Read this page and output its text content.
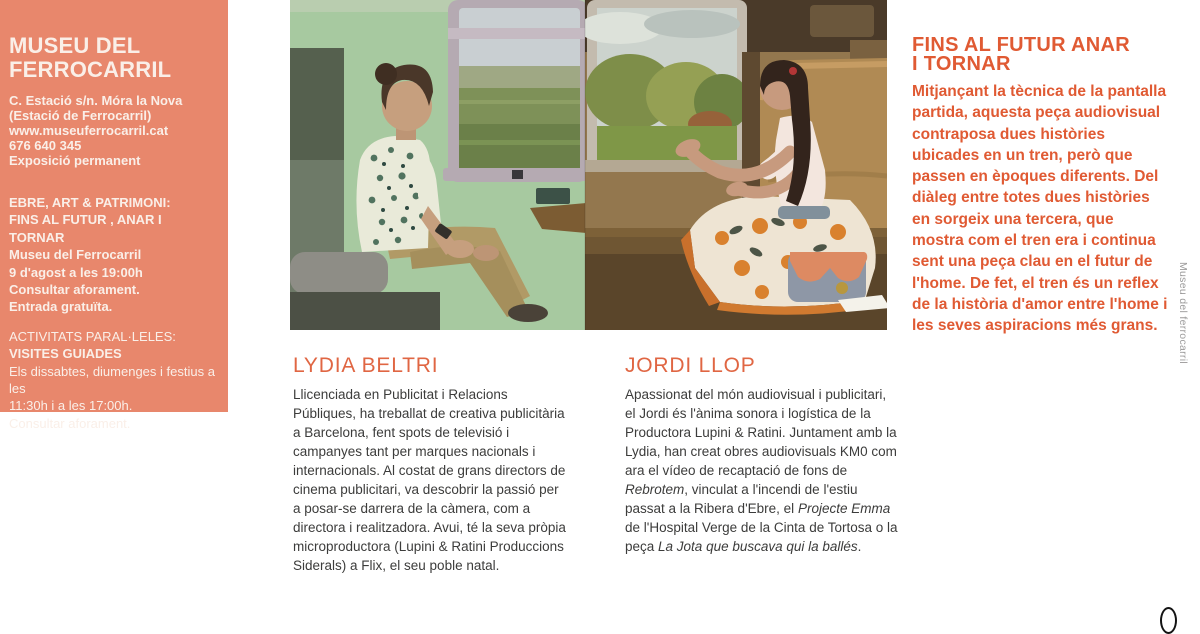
MUSEU DEL
FERROCARRIL
C. Estació s/n. Móra la Nova
(Estació de Ferrocarril)
www.museuferrocarril.cat
676 640 345
Exposició permanent
EBRE, ART & PATRIMONI:
FINS AL FUTUR , ANAR I TORNAR
Museu del Ferrocarril
9 d'agost a les 19:00h
Consultar aforament.
Entrada gratuïta.
ACTIVITATS PARAL·LELES:
VISITES GUIADES
Els dissabtes, diumenges i festius a les
11:30h i a les 17:00h.
Consultar aforament.
LYDIA BELTRI

Llicenciada en Publicitat i Relacions Públiques, ha treballat de creativa publicitària a Barcelona, fent spots de televisió i campanyes tant per marques nacionals i internacionals. Al costat de grans directors de cinema publicitari, va descobrir la passió per a posar-se darrera de la càmera, com a directora i realitzadora. Avui, té la seva pròpia microproductora (Lupini & Ratini Produccions Siderals) a Flix, el seu poble natal.

JORDI LLOP

Apassionat del món audiovisual i publicitari, el Jordi és l'ànima sonora i logística de la Productora Lupini & Ratini. Juntament amb la Lydia, han creat obres audiovisuals KM0 com ara el vídeo de recaptació de fons de Rebrotem, vinculat a l'incendi de l'estiu passat a la Ribera d'Ebre, el Projecte Emma de l'Hospital Verge de la Cinta de Tortosa o la peça La Jota que buscava qui la ballés.

FINS AL FUTUR ANAR
I TORNAR

Mitjançant la tècnica de la pantalla partida, aquesta peça audiovisual contraposa dues històries ubicades en un tren, però que passen en èpoques diferents. Del diàleg entre totes dues històries en sorgeix una tercera, que mostra com el tren era i continua sent una peça clau en el futur de l'home. De fet, el tren és un reflex de la història d'amor entre l'home i les seves aspiracions més grans.	Museu del ferrocarril
